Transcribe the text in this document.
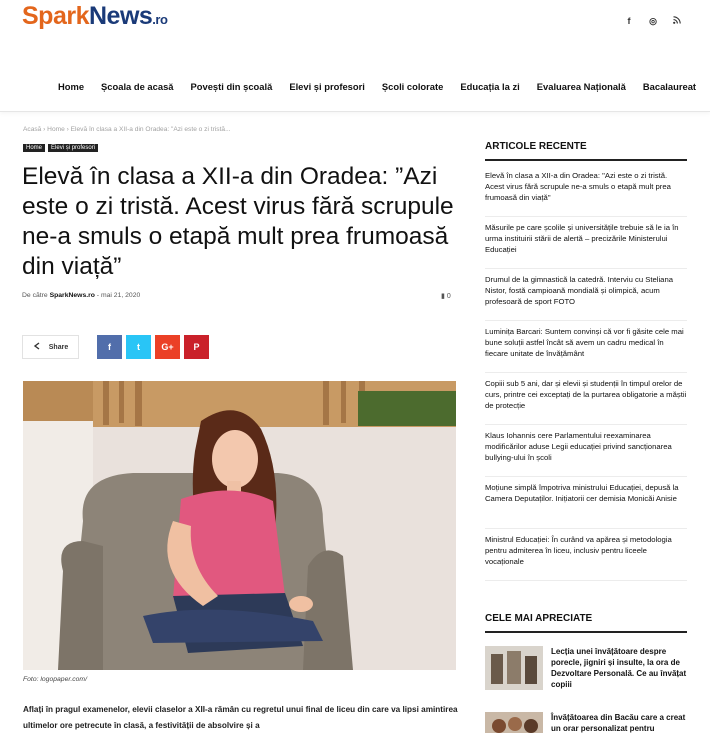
SparkNews.ro	f	◎
Home Școala de acasă Povești din școală Elevi și profesori Școli colorate Educația la zi Evaluarea Națională Bacalaureat
Acasă › Home › Elevă în clasa a XII-a din Oradea: "Azi este o zi tristă...
Home	Elevi și profesori
Elevă în clasa a XII-a din Oradea: ”Azi este o zi tristă. Acest virus fără scrupule ne-a smuls o etapă mult prea frumoasă din viață”
De către SparkNews.ro - mai 21, 2020	▮ 0
Share	f	t	G+	P
Foto: logopaper.com/

Aflați în pragul examenelor, elevii claselor a XII-a rămân cu regretul unui final de liceu din care va lipsi amintirea ultimelor ore petrecute în clasă, a festivității de absolvire și a

ARTICOLE RECENTE
Elevă în clasa a XII-a din Oradea: "Azi este o zi tristă. Acest virus fără scrupule ne-a smuls o etapă mult prea frumoasă din viață"
Măsurile pe care școlile și universitățile trebuie să le ia în urma instituirii stării de alertă – precizările Ministerului Educației
Drumul de la gimnastică la catedră. Interviu cu Steliana Nistor, fostă campioană mondială și olimpică, acum profesoară de sport FOTO
Luminița Barcari: Suntem convinși că vor fi găsite cele mai bune soluții astfel încât să avem un cadru medical în fiecare unitate de învățământ
Copiii sub 5 ani, dar și elevii și studenții în timpul orelor de curs, printre cei exceptați de la purtarea obligatorie a măștii de protecție
Klaus Iohannis cere Parlamentului reexaminarea modificărilor aduse Legii educației privind sancționarea bullying-ului în școli
Moțiune simplă împotriva ministrului Educației, depusă la Camera Deputaților. Inițiatorii cer demisia Monicăi Anisie
Ministrul Educației: În curând va apărea și metodologia pentru admiterea în liceu, inclusiv pentru liceele vocaționale
CELE MAI APRECIATE
Lecția unei învățătoare despre porecle, jigniri și insulte, la ora de Dezvoltare Personală. Ce au învățat copiii
Învățătoarea din Bacău care a creat un orar personalizat pentru
